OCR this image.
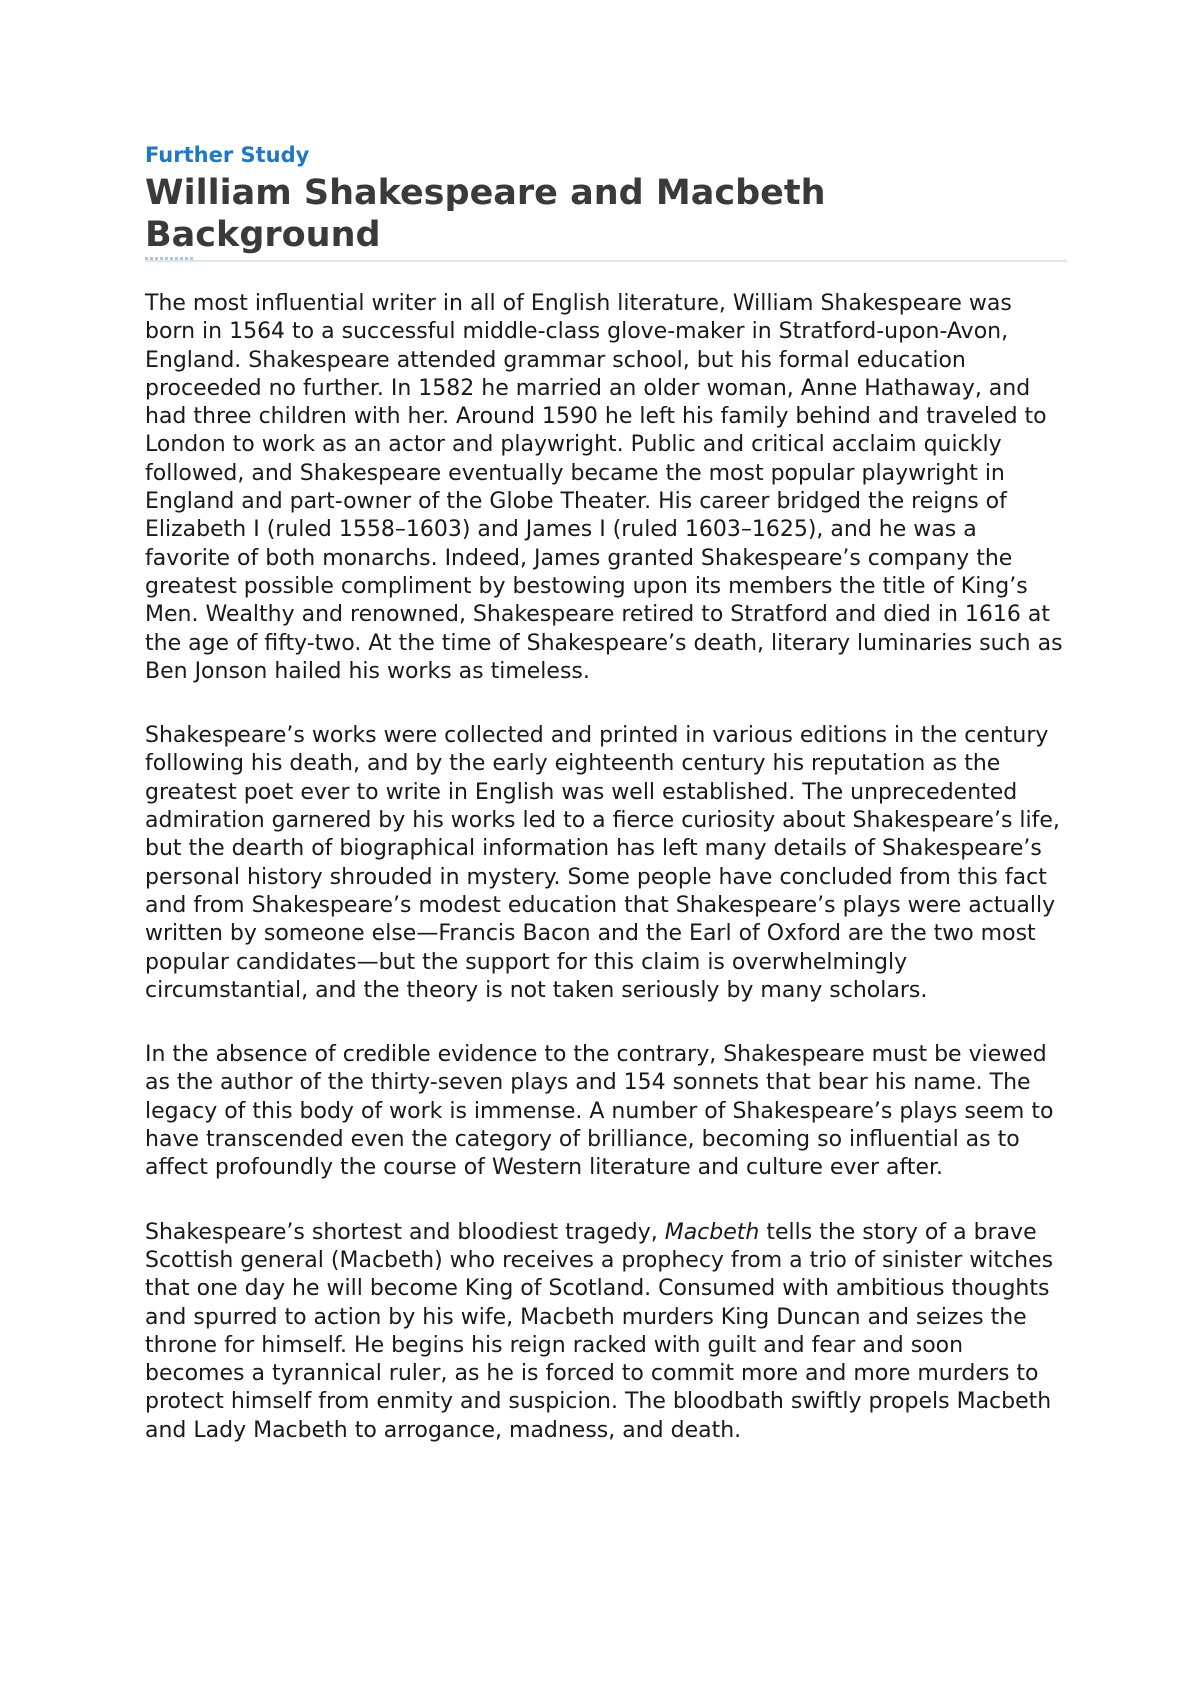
Further Study
William Shakespeare and Macbeth Background

The most influential writer in all of English literature, William Shakespeare was born in 1564 to a successful middle-class glove-maker in Stratford-upon-Avon, England. Shakespeare attended grammar school, but his formal education proceeded no further. In 1582 he married an older woman, Anne Hathaway, and had three children with her. Around 1590 he left his family behind and traveled to London to work as an actor and playwright. Public and critical acclaim quickly followed, and Shakespeare eventually became the most popular playwright in England and part-owner of the Globe Theater. His career bridged the reigns of Elizabeth I (ruled 1558–1603) and James I (ruled 1603–1625), and he was a favorite of both monarchs. Indeed, James granted Shakespeare’s company the greatest possible compliment by bestowing upon its members the title of King’s Men. Wealthy and renowned, Shakespeare retired to Stratford and died in 1616 at the age of fifty-two. At the time of Shakespeare’s death, literary luminaries such as Ben Jonson hailed his works as timeless.

Shakespeare’s works were collected and printed in various editions in the century following his death, and by the early eighteenth century his reputation as the greatest poet ever to write in English was well established. The unprecedented admiration garnered by his works led to a fierce curiosity about Shakespeare’s life, but the dearth of biographical information has left many details of Shakespeare’s personal history shrouded in mystery. Some people have concluded from this fact and from Shakespeare’s modest education that Shakespeare’s plays were actually written by someone else—Francis Bacon and the Earl of Oxford are the two most popular candidates—but the support for this claim is overwhelmingly circumstantial, and the theory is not taken seriously by many scholars.

In the absence of credible evidence to the contrary, Shakespeare must be viewed as the author of the thirty-seven plays and 154 sonnets that bear his name. The legacy of this body of work is immense. A number of Shakespeare’s plays seem to have transcended even the category of brilliance, becoming so influential as to affect profoundly the course of Western literature and culture ever after.

Shakespeare’s shortest and bloodiest tragedy, Macbeth tells the story of a brave Scottish general (Macbeth) who receives a prophecy from a trio of sinister witches that one day he will become King of Scotland. Consumed with ambitious thoughts and spurred to action by his wife, Macbeth murders King Duncan and seizes the throne for himself. He begins his reign racked with guilt and fear and soon becomes a tyrannical ruler, as he is forced to commit more and more murders to protect himself from enmity and suspicion. The bloodbath swiftly propels Macbeth and Lady Macbeth to arrogance, madness, and death.
